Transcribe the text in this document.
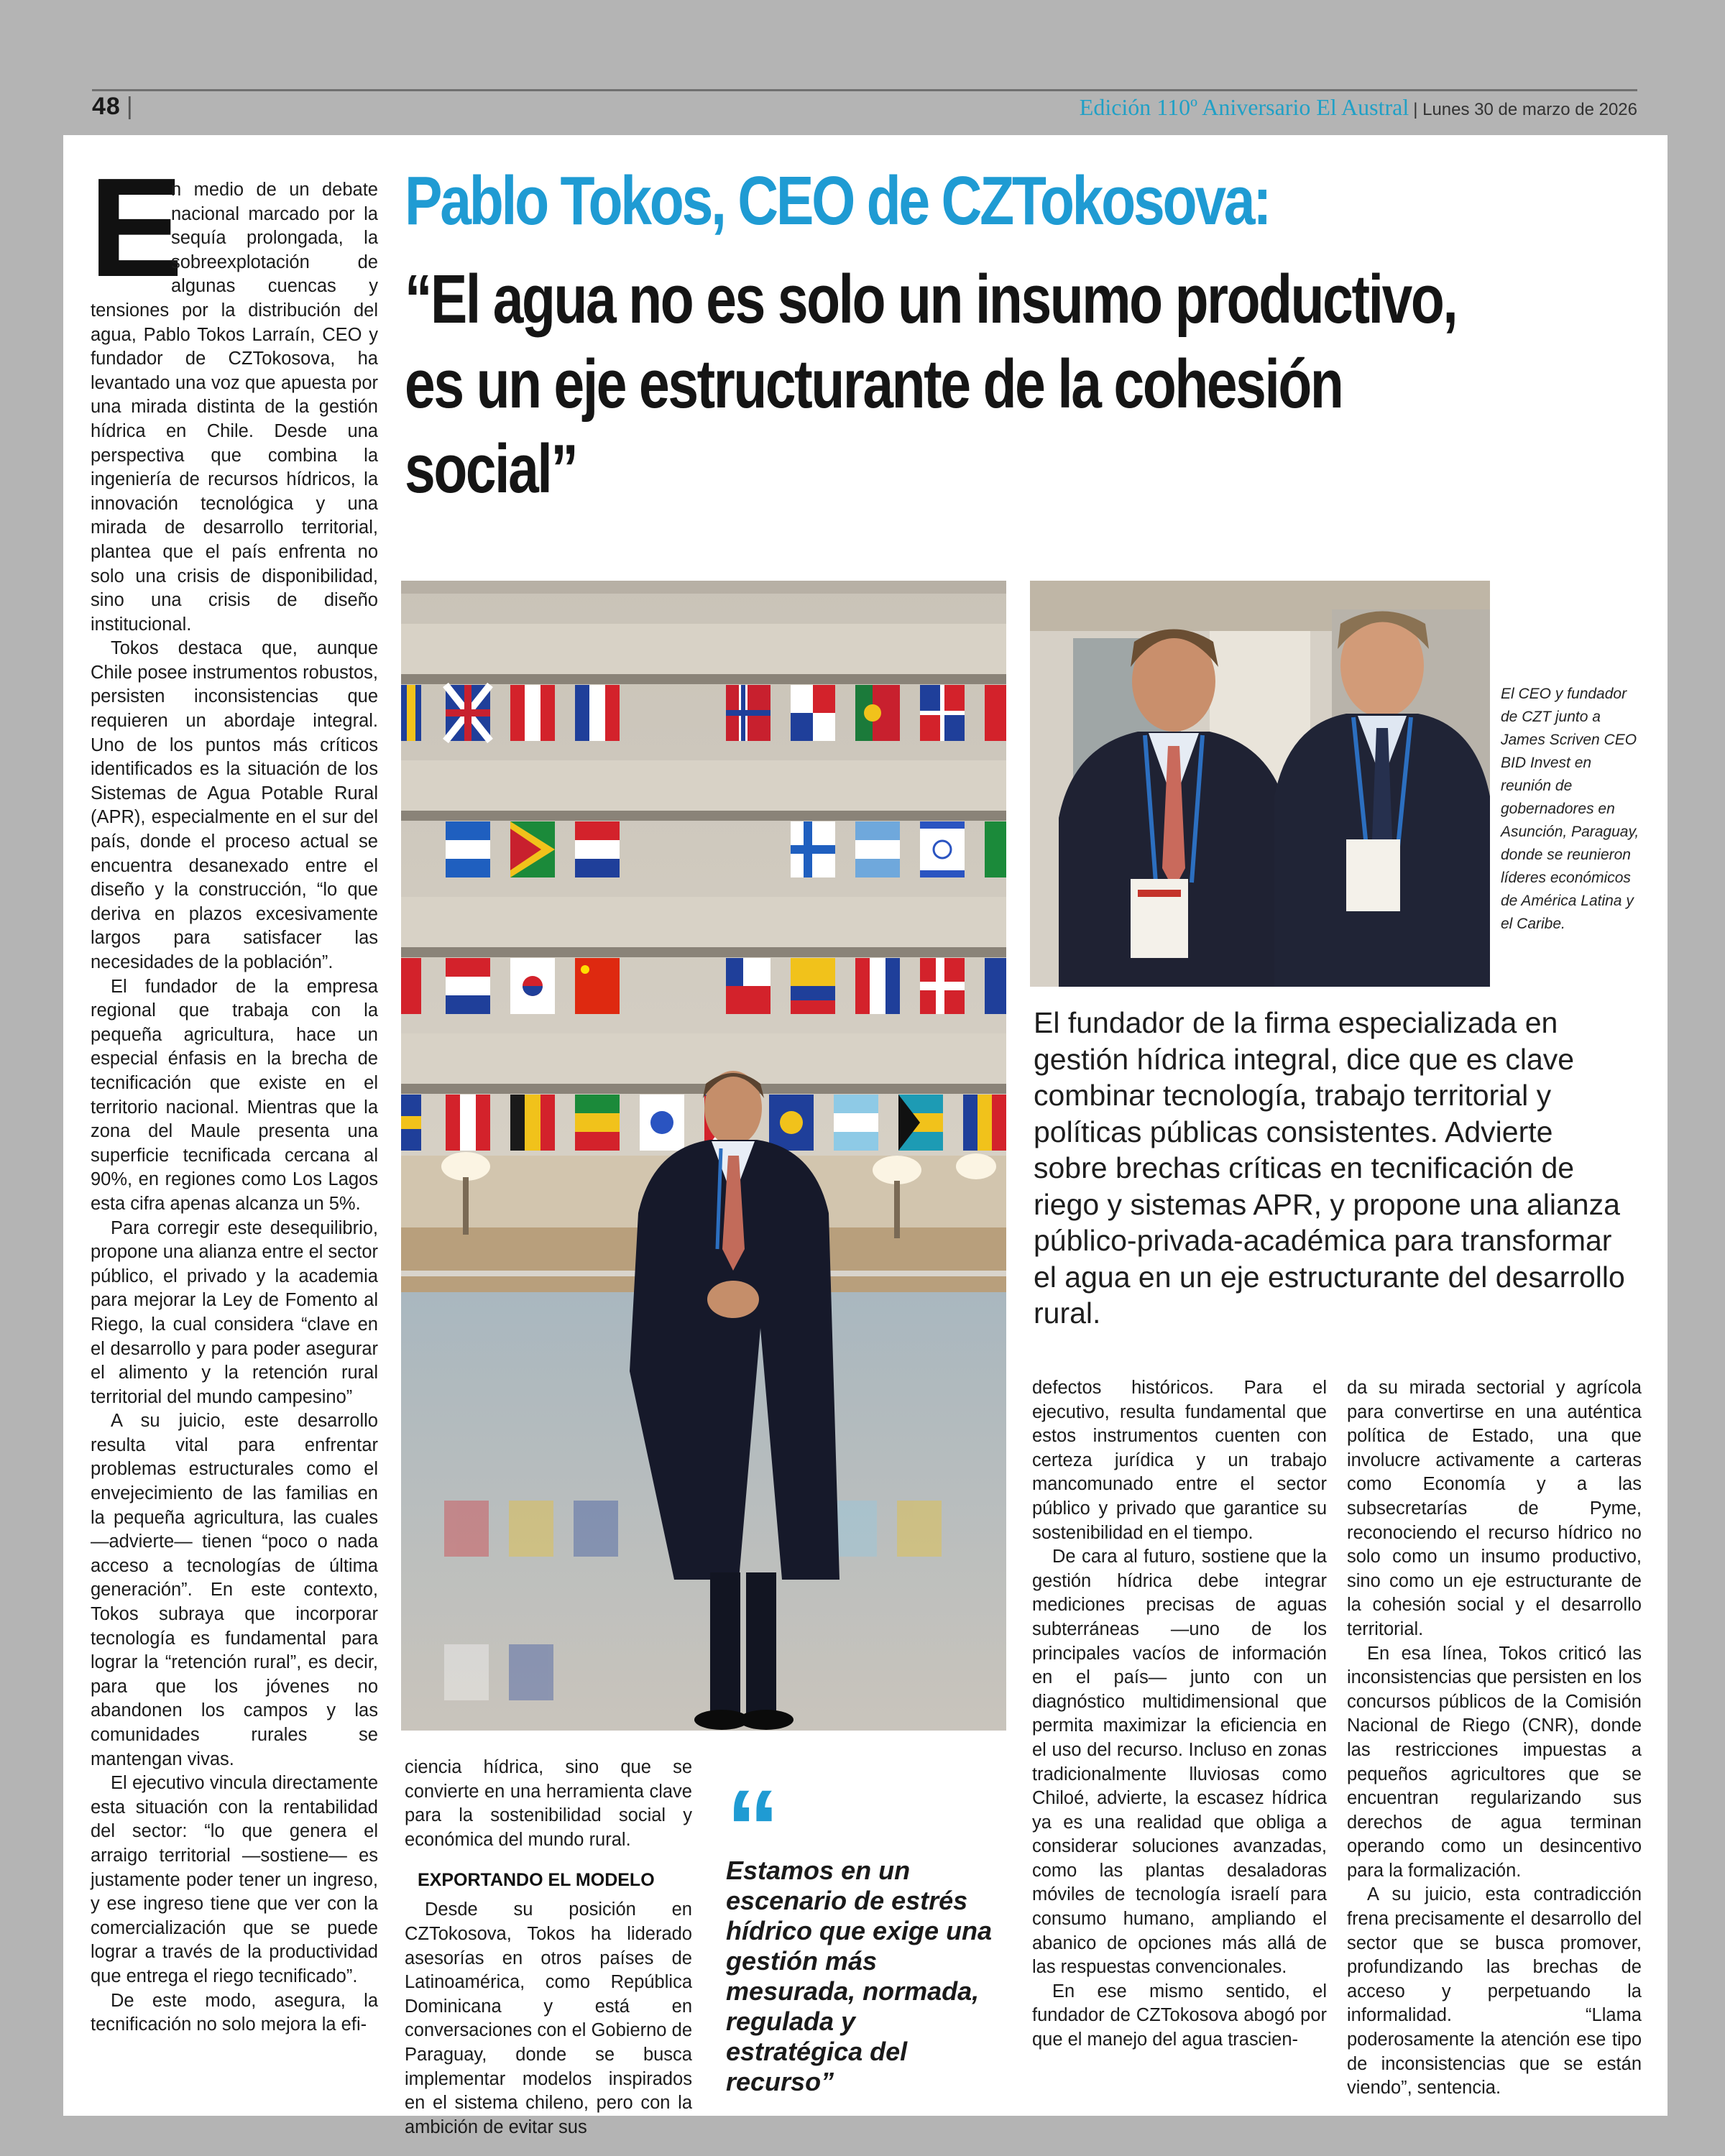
48 |	Edición 110º Aniversario El Austral | Lunes 30 de marzo de 2026
E

n medio de un debate nacional marcado por la sequía prolongada, la sobreexplotación de algunas cuencas y tensiones por la distribución del agua, Pablo Tokos Larraín, CEO y fundador de CZTokosova, ha levantado una voz que apuesta por una mirada distinta de la gestión hídrica en Chile. Desde una perspectiva que combina la ingeniería de recursos hídricos, la innovación tecnológica y una mirada de desarrollo territorial, plantea que el país enfrenta no solo una crisis de disponibilidad, sino una crisis de diseño institucional.

Tokos destaca que, aunque Chile posee instrumentos robustos, persisten inconsistencias que requieren un abordaje integral. Uno de los puntos más críticos identificados es la situación de los Sistemas de Agua Potable Rural (APR), especialmente en el sur del país, donde el proceso actual se encuentra desanexado entre el diseño y la construcción, “lo que deriva en plazos excesivamente largos para satisfacer las necesidades de la población”.

El fundador de la empresa regional que trabaja con la pequeña agricultura, hace un especial énfasis en la brecha de tecnificación que existe en el territorio nacional. Mientras que la zona del Maule presenta una superficie tecnificada cercana al 90%, en regiones como Los Lagos esta cifra apenas alcanza un 5%.

Para corregir este desequilibrio, propone una alianza entre el sector público, el privado y la academia para mejorar la Ley de Fomento al Riego, la cual considera “clave en el desarrollo y para poder asegurar el alimento y la retención rural territorial del mundo campesino”

A su juicio, este desarrollo resulta vital para enfrentar problemas estructurales como el envejecimiento de las familias en la pequeña agricultura, las cuales —advierte— tienen “poco o nada acceso a tecnologías de última generación”. En este contexto, Tokos subraya que incorporar tecnología es fundamental para lograr la “retención rural”, es decir, para que los jóvenes no abandonen los campos y las comunidades rurales se mantengan vivas.

El ejecutivo vincula directamente esta situación con la rentabilidad del sector: “lo que genera el arraigo territorial —sostiene— es justamente poder tener un ingreso, y ese ingreso tiene que ver con la comercialización que se puede lograr a través de la productividad que entrega el riego tecnificado”.

De este modo, asegura, la tecnificación no solo mejora la efi-

Pablo Tokos, CEO de CZTokosova:
“El agua no es solo un insumo productivo, es un eje estructurante de la cohesión social”
El CEO y fundador de CZT junto a James Scriven CEO BID Invest en reunión de gobernadores en Asunción, Paraguay, donde se reunieron líderes económicos de América Latina y el Caribe.
El fundador de la firma especializada en gestión hídrica integral, dice que es clave combinar tecnología, trabajo territorial y políticas públicas consistentes. Advierte sobre brechas críticas en tecnificación de riego y sistemas APR, y propone una alianza público-privada-académica para transformar el agua en un eje estructurante del desarrollo rural.

ciencia hídrica, sino que se convierte en una herramienta clave para la sostenibilidad social y económica del mundo rural.

EXPORTANDO EL MODELO

Desde su posición en CZTokosova, Tokos ha liderado asesorías en otros países de Latinoamérica, como República Dominicana y está en conversaciones con el Gobierno de Paraguay, donde se busca implementar modelos inspirados en el sistema chileno, pero con la ambición de evitar sus

“
Estamos en un escenario de estrés hídrico que exige una gestión más mesurada, normada, regulada y estratégica del recurso”

defectos históricos. Para el ejecutivo, resulta fundamental que estos instrumentos cuenten con certeza jurídica y un trabajo mancomunado entre el sector público y privado que garantice su sostenibilidad en el tiempo.

De cara al futuro, sostiene que la gestión hídrica debe integrar mediciones precisas de aguas subterráneas —uno de los principales vacíos de información en el país— junto con un diagnóstico multidimensional que permita maximizar la eficiencia en el uso del recurso. Incluso en zonas tradicionalmente lluviosas como Chiloé, advierte, la escasez hídrica ya es una realidad que obliga a considerar soluciones avanzadas, como las plantas desaladoras móviles de tecnología israelí para consumo humano, ampliando el abanico de opciones más allá de las respuestas convencionales.

En ese mismo sentido, el fundador de CZTokosova abogó por que el manejo del agua trascien-

da su mirada sectorial y agrícola para convertirse en una auténtica política de Estado, una que involucre activamente a carteras como Economía y a las subsecretarías de Pyme, reconociendo el recurso hídrico no solo como un insumo productivo, sino como un eje estructurante de la cohesión social y el desarrollo territorial.

En esa línea, Tokos criticó las inconsistencias que persisten en los concursos públicos de la Comisión Nacional de Riego (CNR), donde las restricciones impuestas a pequeños agricultores que se encuentran regularizando sus derechos de agua terminan operando como un desincentivo para la formalización.

A su juicio, esta contradicción frena precisamente el desarrollo del sector que se busca promover, profundizando las brechas de acceso y perpetuando la informalidad. “Llama poderosamente la atención ese tipo de inconsistencias que se están viendo”, sentencia.
